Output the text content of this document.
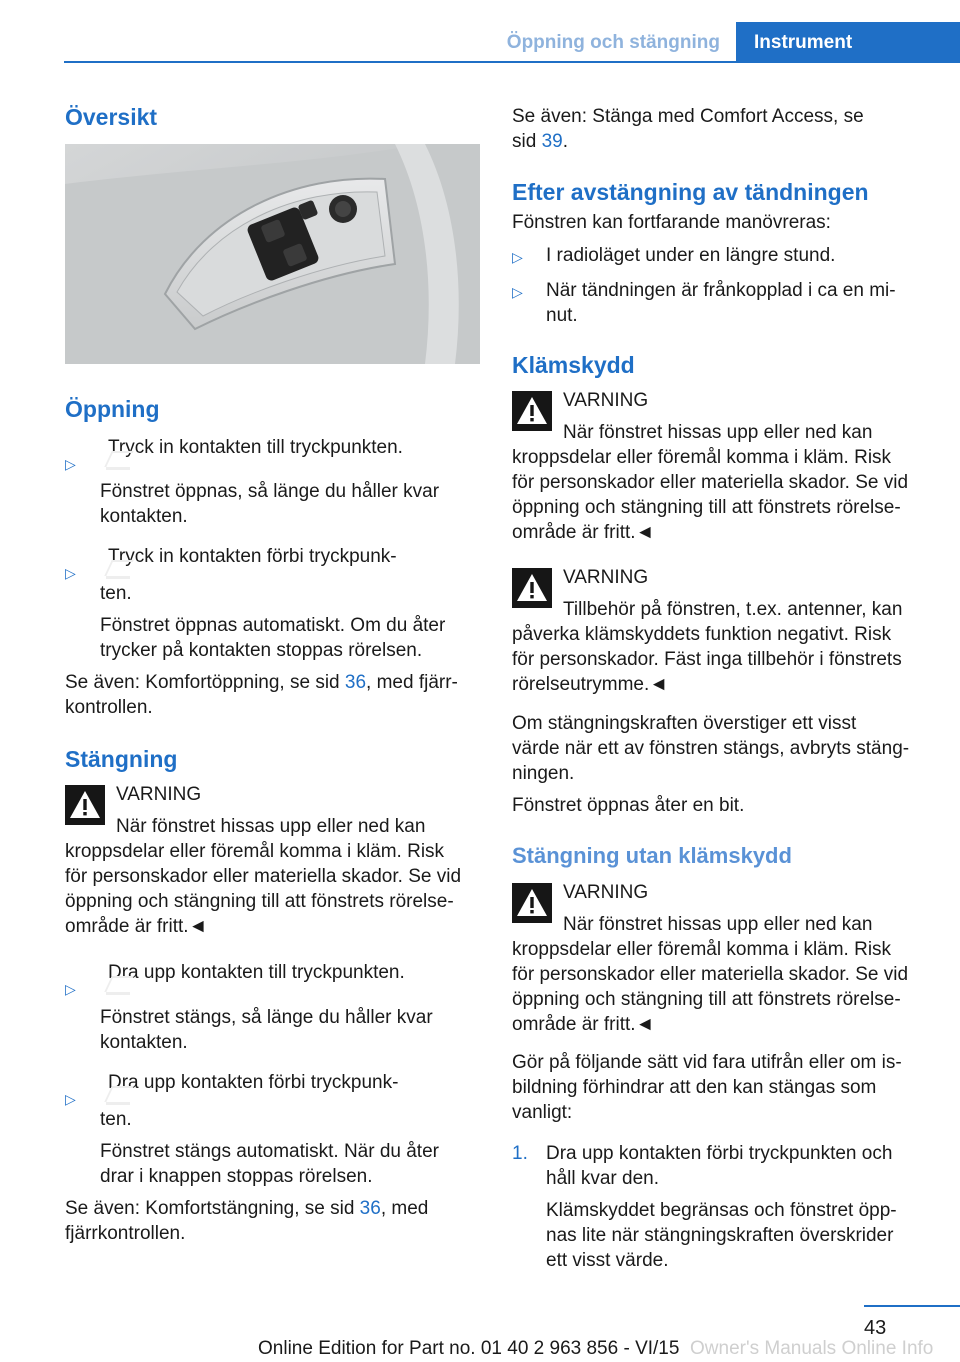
Öppning och stängning	Instrument
Översikt
Öppning
▷
Tryck in kontakten till tryckpunkten.
Fönstret öppnas, så länge du håller kvar
kontakten.
▷
Tryck in kontakten förbi tryckpunk-
ten.
Fönstret öppnas automatiskt. Om du åter
trycker på kontakten stoppas rörelsen.
Se även: Komfortöppning, se sid 36, med fjärr-
kontrollen.
Stängning
VARNING
När fönstret hissas upp eller ned kan
kroppsdelar eller föremål komma i kläm. Risk
för personskador eller materiella skador. Se vid
öppning och stängning till att fönstrets rörelse-
område är fritt.◄
▷
Dra upp kontakten till tryckpunkten.
Fönstret stängs, så länge du håller kvar
kontakten.
▷
Dra upp kontakten förbi tryckpunk-
ten.
Fönstret stängs automatiskt. När du åter
drar i knappen stoppas rörelsen.
Se även: Komfortstängning, se sid 36, med
fjärrkontrollen.
Se även: Stänga med Comfort Access, se
sid 39.
Efter avstängning av tändningen
Fönstren kan fortfarande manövreras:
▷ I radioläget under en längre stund.
▷ När tändningen är frånkopplad i ca en mi-
nut.
Klämskydd
VARNING
När fönstret hissas upp eller ned kan
kroppsdelar eller föremål komma i kläm. Risk
för personskador eller materiella skador. Se vid
öppning och stängning till att fönstrets rörelse-
område är fritt.◄
VARNING
Tillbehör på fönstren, t.ex. antenner, kan
påverka klämskyddets funktion negativt. Risk
för personskador. Fäst inga tillbehör i fönstrets
rörelseutrymme.◄
Om stängningskraften överstiger ett visst
värde när ett av fönstren stängs, avbryts stäng-
ningen.
Fönstret öppnas åter en bit.
Stängning utan klämskydd
VARNING
När fönstret hissas upp eller ned kan
kroppsdelar eller föremål komma i kläm. Risk
för personskador eller materiella skador. Se vid
öppning och stängning till att fönstrets rörelse-
område är fritt.◄
Gör på följande sätt vid fara utifrån eller om is-
bildning förhindrar att den kan stängas som
vanligt:
1. Dra upp kontakten förbi tryckpunkten och
håll kvar den.
Klämskyddet begränsas och fönstret öpp-
nas lite när stängningskraften överskrider
ett visst värde.
43
Online Edition for Part no. 01 40 2 963 856 - VI/15 Owner's Manuals Online Info
